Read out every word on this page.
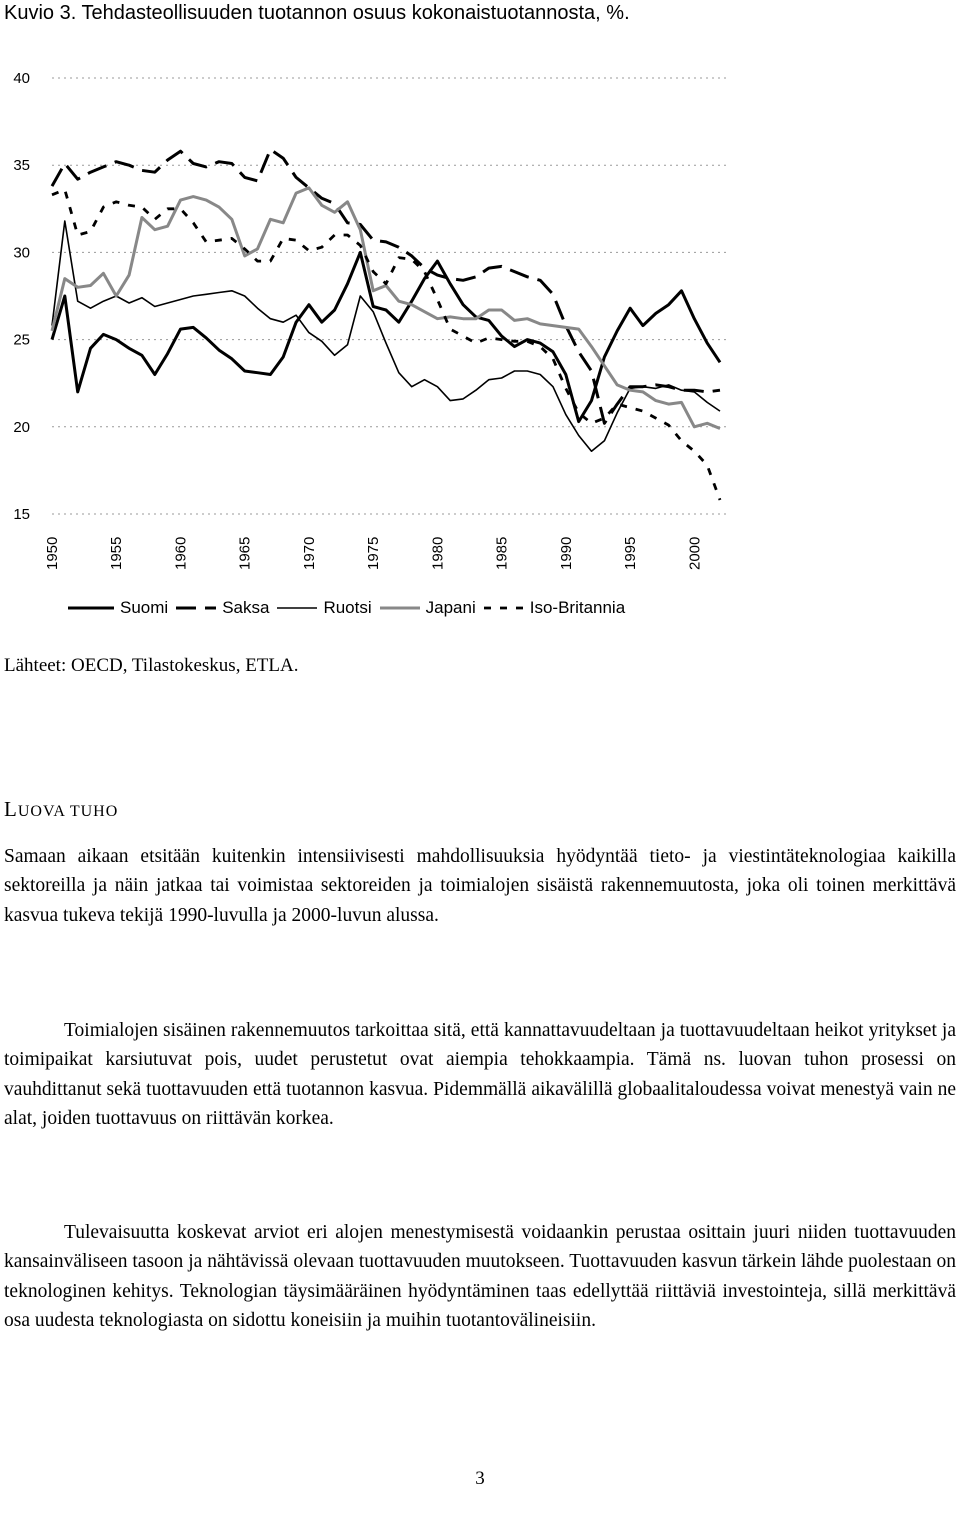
Kuvio 3. Tehdasteollisuuden tuotannon osuus kokonaistuotannosta, %.
40
35
30
25
20
15
1950	1955	1960	1965	1970	1975	1980	1985	1990	1995	2000
Suomi	Saksa	Ruotsi	Japani	Iso-Britannia
Lähteet: OECD, Tilastokeskus, ETLA.
LUOVA TUHO

Samaan aikaan etsitään kuitenkin intensiivisesti mahdollisuuksia hyödyntää tieto- ja viestintäteknologiaa kaikilla sektoreilla ja näin jatkaa tai voimistaa sektoreiden ja toimialojen sisäistä rakennemuutosta, joka oli toinen merkittävä kasvua tukeva tekijä 1990-luvulla ja 2000-luvun alussa.

Toimialojen sisäinen rakennemuutos tarkoittaa sitä, että kannattavuudeltaan ja tuottavuudeltaan heikot yritykset ja toimipaikat karsiutuvat pois, uudet perustetut ovat aiempia tehokkaampia. Tämä ns. luovan tuhon prosessi on vauhdittanut sekä tuottavuuden että tuotannon kasvua. Pidemmällä aikavälillä globaalitaloudessa voivat menestyä vain ne alat, joiden tuottavuus on riittävän korkea.

Tulevaisuutta koskevat arviot eri alojen menestymisestä voidaankin perustaa osittain juuri niiden tuottavuuden kansainväliseen tasoon ja nähtävissä olevaan tuottavuuden muutokseen. Tuottavuuden kasvun tärkein lähde puolestaan on teknologinen kehitys. Teknologian täysimääräinen hyödyntäminen taas edellyttää riittäviä investointeja, sillä merkittävä osa uudesta teknologiasta on sidottu koneisiin ja muihin tuotantovälineisiin.

3
